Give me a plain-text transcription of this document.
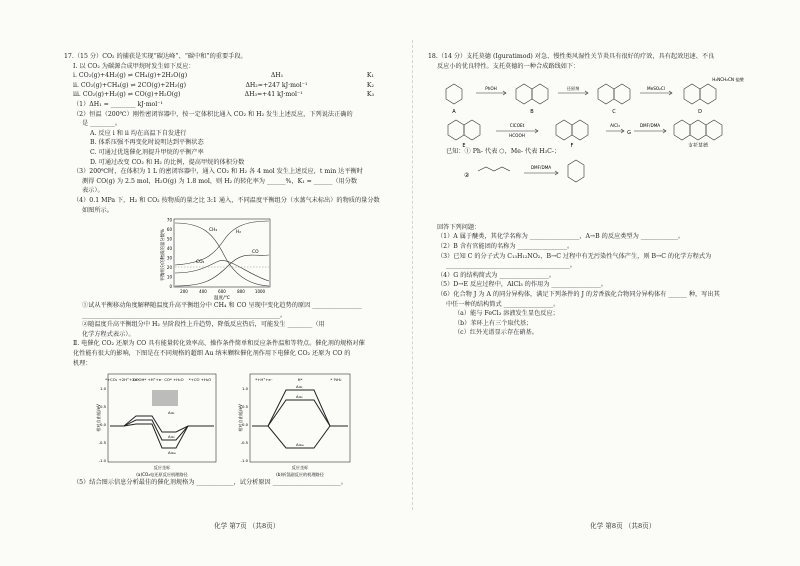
17.（15 分）CO₂ 的捕获是实现“碳达峰”、“碳中和”的重要手段。

Ⅰ. 以 CO₂ 为碳源合成甲烷时发生如下反应：

i. CO₂(g)+4H₂(g) ⇌ CH₄(g)+2H₂O(g)	ΔH₁	K₁
ii. CO₂(g)+CH₄(g) ⇌ 2CO(g)+2H₂(g)	ΔH₂=+247 kJ·mol⁻¹	K₂
iii. CO₂(g)+H₂(g) ⇌ CO(g)+H₂O(g)	ΔH₃=+41 kJ·mol⁻¹	K₃

（1）ΔH₁ = ________ kJ·mol⁻¹

（2）恒温（200℃）刚性密闭容器中，按一定体积比通入 CO₂ 和 H₂ 发生上述反应，下列说法正确的

是 ________。

A. 反应 i 和 ii 均在高温下自发进行

B. 体系压强不再变化时说明达到平衡状态

C. 可通过优选催化剂提升甲烷的平衡产率

D. 可通过改变 CO₂ 和 H₂ 的比例，提高甲烷的体积分数

（3）200℃时，在体积为 1 L 的密闭容器中，通入 CO₂ 和 H₂ 各 4 mol 发生上述反应，t min 达平衡时

测得 CO(g) 为 2.5 mol，H₂O(g) 为 1.8 mol，则 H₂ 的转化率为 ______%，K₁ = ______（用分数

表示）。

（4）0.1 MPa 下，H₂ 和 CO₂ 按物质的量之比 3:1 通入，不同温度平衡组分（水蒸气未标出）的物质的量分数

如图所示。

平衡组分的物质的量分数%
温度/℃
200	400	600	800	1000
0
10
20
30
40
50
60
70
CH₄	H₂
CO₂
CO

①试从平衡移动角度解释随温度升高平衡组分中 CH₄ 和 CO 呈现中变化趋势的原因 ________________

________________________________________________________________。

②随温度升高平衡组分中 H₂ 呈阶段性上升趋势，降低反应热后，可能发生 ________（用

化学方程式表示）。

Ⅱ. 电催化 CO₂ 还原为 CO 具有能量转化效率高、操作条件简单和反应条件温和等特点。催化剂的规格对催

化性能有很大的影响，下图是在不同规格的超细 Au 纳米颗粒催化剂作用下电催化 CO₂ 还原为 CO 的

机理：

*+CO₂ +2H⁺+2e⁻
COOH* +H⁺+e⁻ CO* +H₂O *+CO +H₂O
相对自由能/eV
1.0
0.5
0.0
-0.5
-1.0
Au₂
Au₃
Au₃₀
反应坐标
(a)CO₂电还原反应机理路径
*+H⁺+e⁻	H*	* ½H₂
相对自由能/eV
1.0
0.5
0.0
-0.5
-1.0
Au₂
Au₃
Au₃₀
反应坐标
(b)析氢副反应的机理路径

（5）结合图示信息分析最佳的催化剂规格为 ____________，试分析原因 ______________________。

化学 第7页 （共8页）

18.（14 分）支托莫德 (Iguratimod) 对急、慢性类风湿性关节炎具有很好的疗效，具有起效迅速、不良

反应小的优良特性。支托莫德的一种合成路线如下：

PhOH	还原剂	MeSO₂Cl
H₂NCH₂CN 盐酸
ClCOEt
HCOOH
AlCl₃	DMF/DMA
A	B	C	D
E	F
G
支托莫德

已知：① Ph- 代表 ⬡，Me- 代表 H₃C-；

②
DMF/DMA

回答下列问题：

（1）A 属于醚类，其化学名称为 ________________，A→B 的反应类型为 ____________。

（2）B 含有官能团的名称为 ________________。

（3）已知 C 的分子式为 C₁₃H₁₂NO₂，B→C 过程中有无污染性气体产生，则 B→C 的化学方程式为

________________________________________。

（4）G 的结构简式为 ________________。

（5）D→E 反应过程中，AlCl₃ 的作用为 ________________。

（6）化合物 J 为 A 的同分异构体，满足下列条件的 J 的芳香族化合物同分异构体有 ______ 种，写出其

中任一种的结构简式 ________________。

（a）能与 FeCl₃ 溶液发生显色反应；

（b）苯环上有三个取代基；

（c）红外光谱显示存在硝基。

化学 第8页 （共8页）
